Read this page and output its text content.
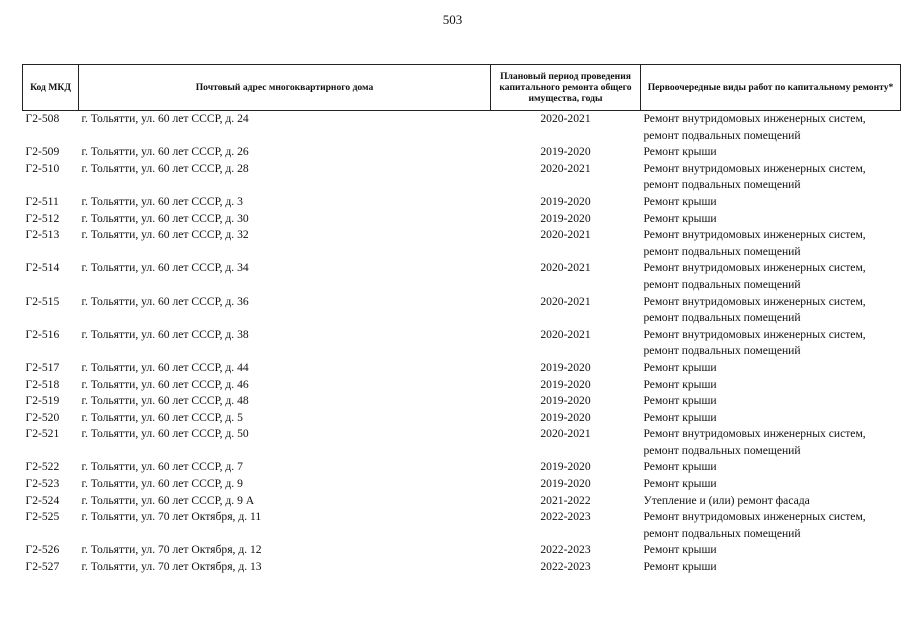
503
Код МКД	Почтовый адрес многоквартирного дома	Плановый период проведения капитального ремонта общего имущества, годы	Первоочередные виды работ по капитальному ремонту*
Г2-508	г. Тольятти, ул. 60 лет СССР, д. 24	2020-2021	Ремонт внутридомовых инженерных систем,
ремонт подвальных помещений

Г2-509	г. Тольятти, ул. 60 лет СССР, д. 26	2019-2020	Ремонт крыши

Г2-510	г. Тольятти, ул. 60 лет СССР, д. 28	2020-2021	Ремонт внутридомовых инженерных систем,
ремонт подвальных помещений

Г2-511	г. Тольятти, ул. 60 лет СССР, д. 3	2019-2020	Ремонт крыши

Г2-512	г. Тольятти, ул. 60 лет СССР, д. 30	2019-2020	Ремонт крыши

Г2-513	г. Тольятти, ул. 60 лет СССР, д. 32	2020-2021	Ремонт внутридомовых инженерных систем,
ремонт подвальных помещений

Г2-514	г. Тольятти, ул. 60 лет СССР, д. 34	2020-2021	Ремонт внутридомовых инженерных систем,
ремонт подвальных помещений

Г2-515	г. Тольятти, ул. 60 лет СССР, д. 36	2020-2021	Ремонт внутридомовых инженерных систем,
ремонт подвальных помещений

Г2-516	г. Тольятти, ул. 60 лет СССР, д. 38	2020-2021	Ремонт внутридомовых инженерных систем,
ремонт подвальных помещений

Г2-517	г. Тольятти, ул. 60 лет СССР, д. 44	2019-2020	Ремонт крыши

Г2-518	г. Тольятти, ул. 60 лет СССР, д. 46	2019-2020	Ремонт крыши

Г2-519	г. Тольятти, ул. 60 лет СССР, д. 48	2019-2020	Ремонт крыши

Г2-520	г. Тольятти, ул. 60 лет СССР, д. 5	2019-2020	Ремонт крыши

Г2-521	г. Тольятти, ул. 60 лет СССР, д. 50	2020-2021	Ремонт внутридомовых инженерных систем,
ремонт подвальных помещений

Г2-522	г. Тольятти, ул. 60 лет СССР, д. 7	2019-2020	Ремонт крыши

Г2-523	г. Тольятти, ул. 60 лет СССР, д. 9	2019-2020	Ремонт крыши

Г2-524	г. Тольятти, ул. 60 лет СССР, д. 9 А	2021-2022	Утепление и (или) ремонт фасада

Г2-525	г. Тольятти, ул. 70 лет Октября, д. 11	2022-2023	Ремонт внутридомовых инженерных систем,
ремонт подвальных помещений

Г2-526	г. Тольятти, ул. 70 лет Октября, д. 12	2022-2023	Ремонт крыши

Г2-527	г. Тольятти, ул. 70 лет Октября, д. 13	2022-2023	Ремонт крыши
